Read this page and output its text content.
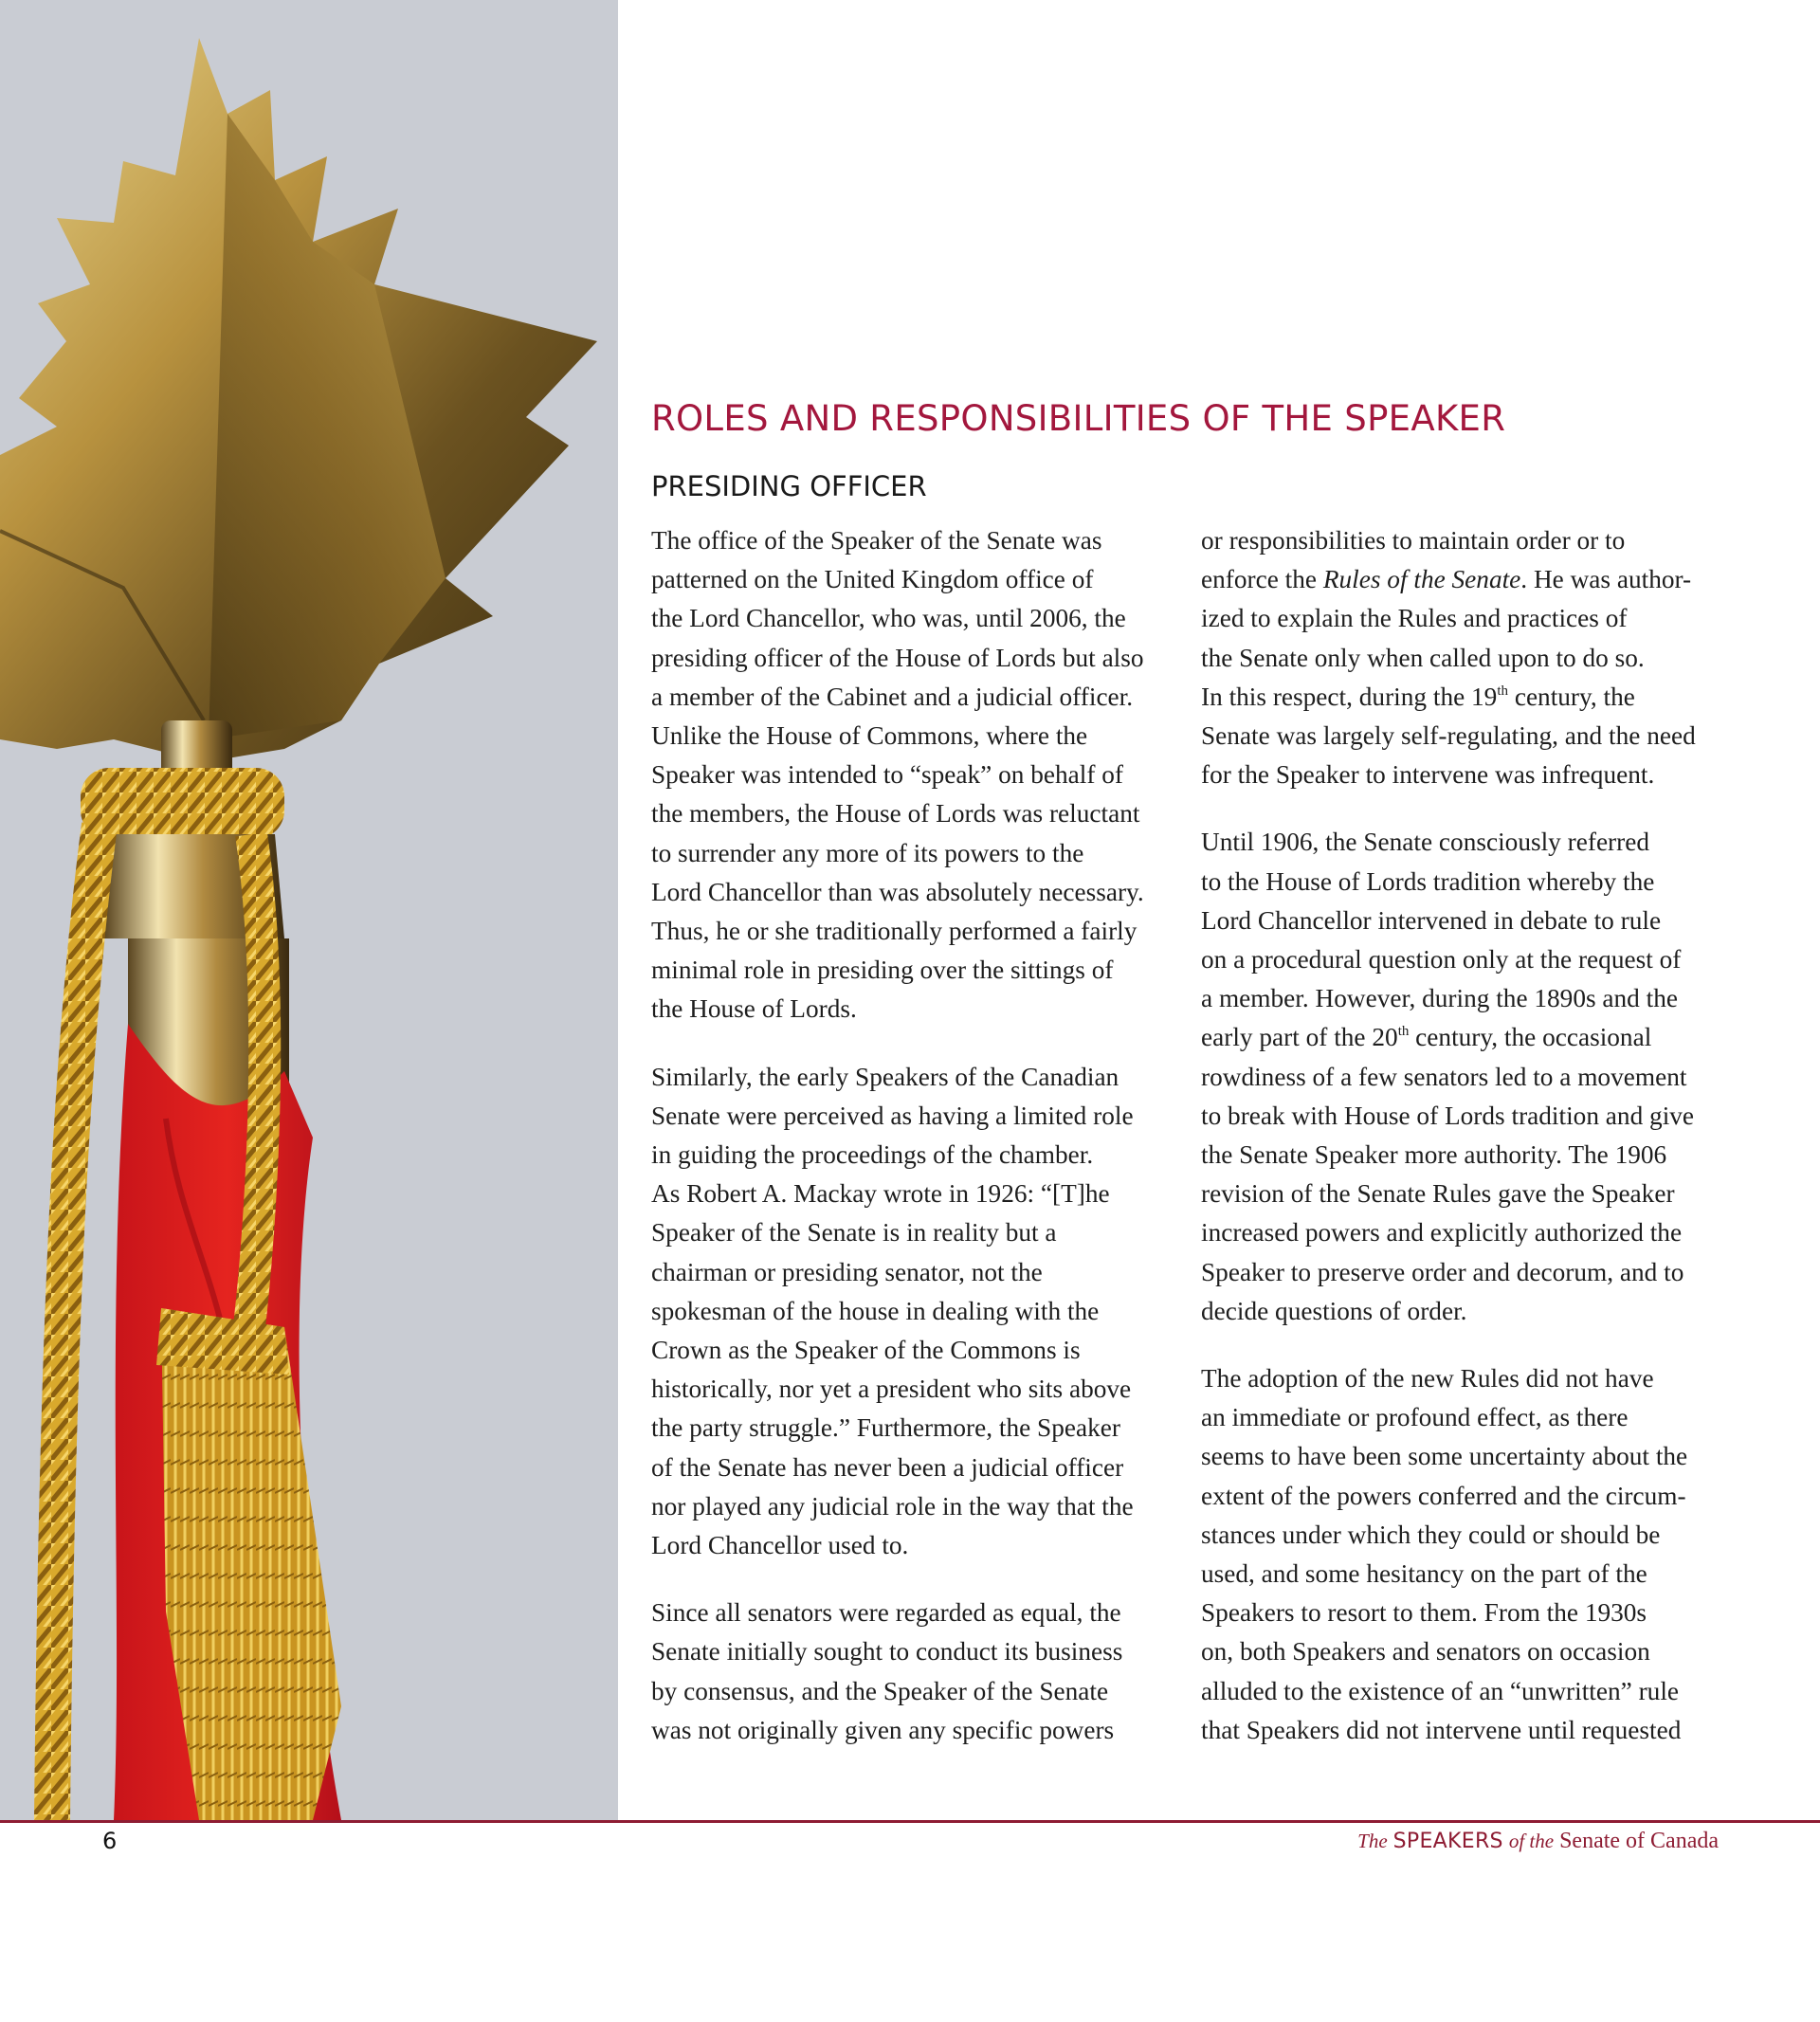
ROLES AND RESPONSIBILITIES OF THE SPEAKER
PRESIDING OFFICER

The office of the Speaker of the Senate was
patterned on the United Kingdom office of
the Lord Chancellor, who was, until 2006, the
presiding officer of the House of Lords but also
a member of the Cabinet and a judicial officer.
Unlike the House of Commons, where the
Speaker was intended to “speak” on behalf of
the members, the House of Lords was reluctant
to surrender any more of its powers to the
Lord Chancellor than was absolutely necessary.
Thus, he or she traditionally performed a fairly
minimal role in presiding over the sittings of
the House of Lords.

Similarly, the early Speakers of the Canadian
Senate were perceived as having a limited role
in guiding the proceedings of the chamber.
As Robert A. Mackay wrote in 1926: “[T]he
Speaker of the Senate is in reality but a
chairman or presiding senator, not the
spokesman of the house in dealing with the
Crown as the Speaker of the Commons is
historically, nor yet a president who sits above
the party struggle.” Furthermore, the Speaker
of the Senate has never been a judicial officer
nor played any judicial role in the way that the
Lord Chancellor used to.

Since all senators were regarded as equal, the
Senate initially sought to conduct its business
by consensus, and the Speaker of the Senate
was not originally given any specific powers

or responsibilities to maintain order or to
enforce the Rules of the Senate. He was author-
ized to explain the Rules and practices of
the Senate only when called upon to do so.
In this respect, during the 19th century, the
Senate was largely self-regulating, and the need
for the Speaker to intervene was infrequent.

Until 1906, the Senate consciously referred
to the House of Lords tradition whereby the
Lord Chancellor intervened in debate to rule
on a procedural question only at the request of
a member. However, during the 1890s and the
early part of the 20th century, the occasional
rowdiness of a few senators led to a movement
to break with House of Lords tradition and give
the Senate Speaker more authority. The 1906
revision of the Senate Rules gave the Speaker
increased powers and explicitly authorized the
Speaker to preserve order and decorum, and to
decide questions of order.

The adoption of the new Rules did not have
an immediate or profound effect, as there
seems to have been some uncertainty about the
extent of the powers conferred and the circum-
stances under which they could or should be
used, and some hesitancy on the part of the
Speakers to resort to them. From the 1930s
on, both Speakers and senators on occasion
alluded to the existence of an “unwritten” rule
that Speakers did not intervene until requested

6	The SPEAKERS of the Senate of Canada
